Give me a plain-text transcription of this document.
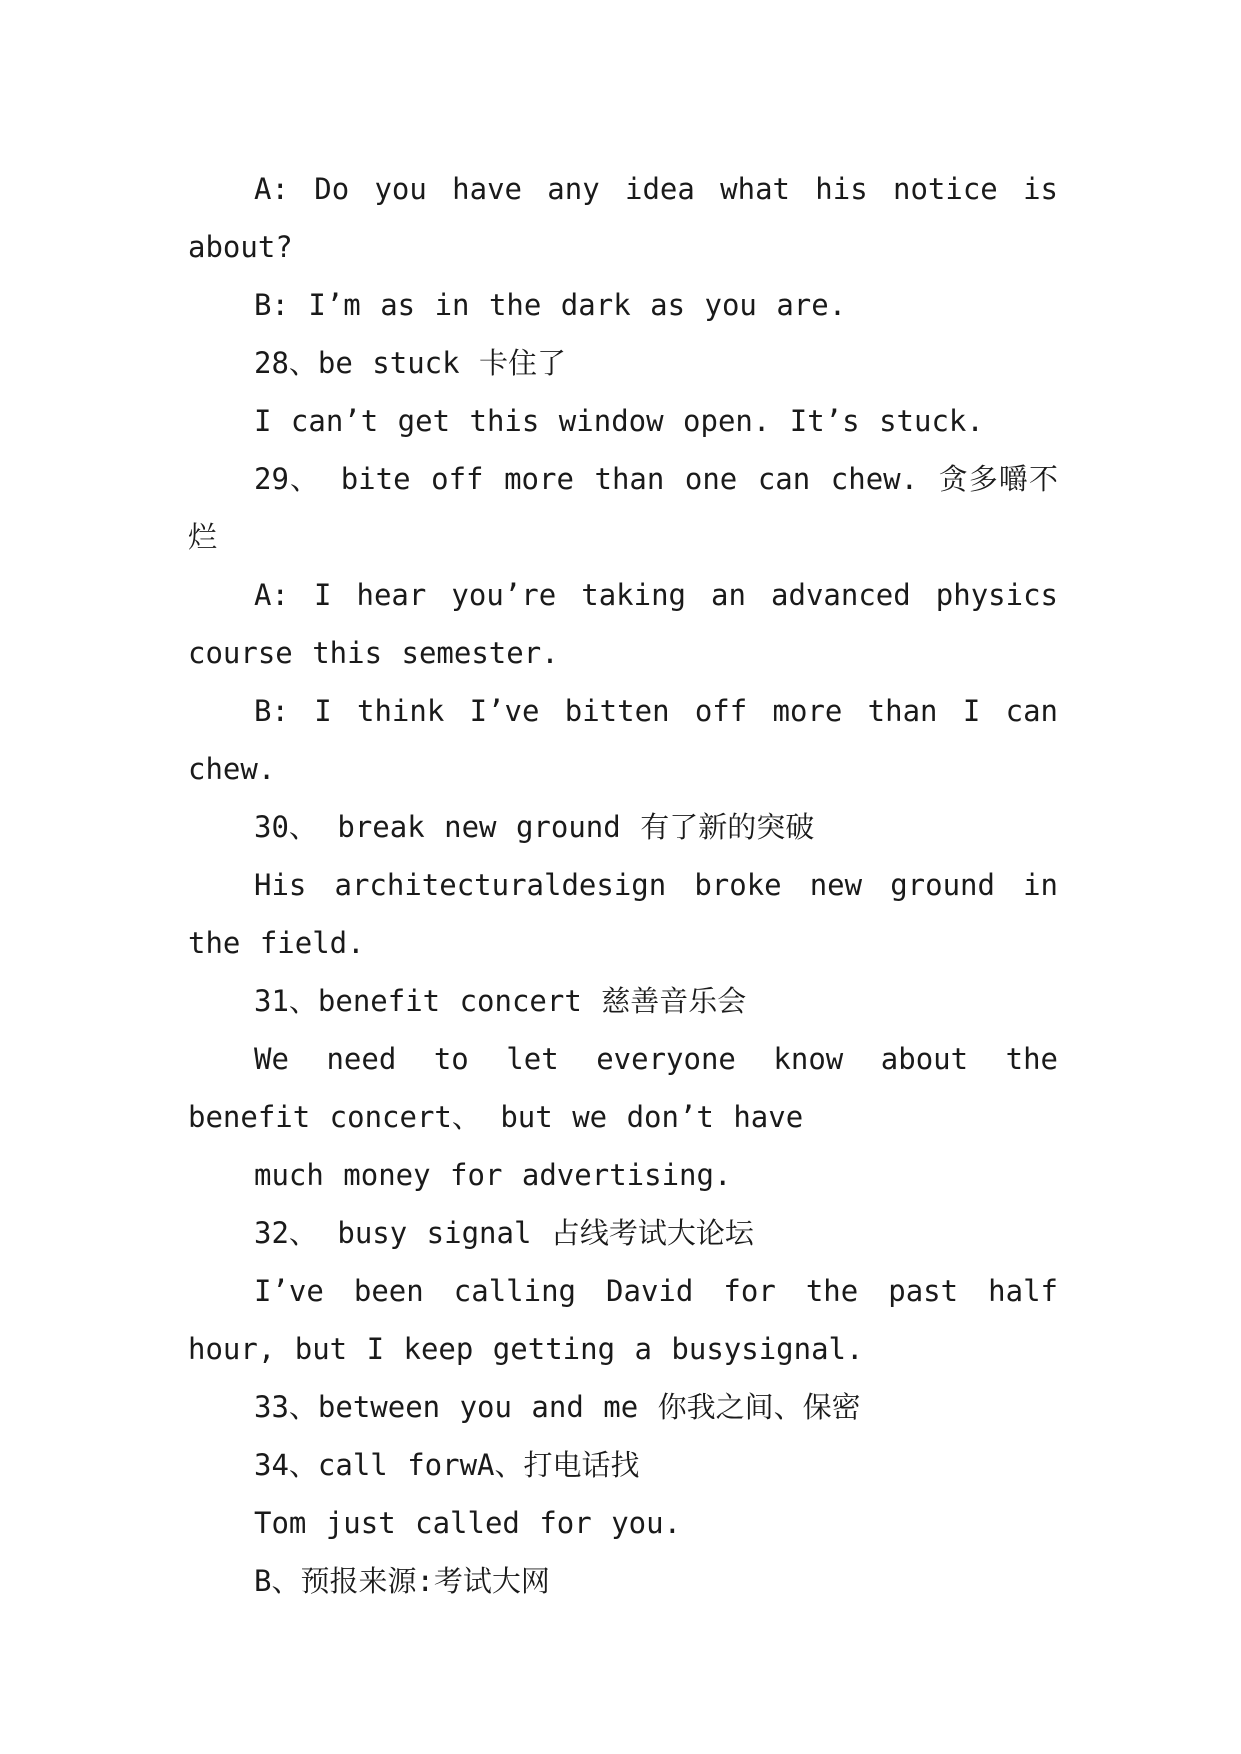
A: Do you have any idea what his notice is about?

B: I’m as in the dark as you are.

28、be stuck 卡住了

I can’t get this window open. It’s stuck.

29、 bite off more than one can chew. 贪多嚼不烂

A: I hear you’re taking an advanced physics course this semester.

B: I think I’ve bitten off more than I can chew.

30、 break new ground 有了新的突破

His architecturaldesign broke new ground in the field.

31、benefit concert 慈善音乐会

We need to let everyone know about the benefit concert、 but we don’t have

much money for advertising.

32、 busy signal 占线考试大论坛

I’ve been calling David for the past half hour, but I keep getting a busysignal.

33、between you and me 你我之间、保密

34、call forwA、打电话找

Tom just called for you.

B、预报来源:考试大网
